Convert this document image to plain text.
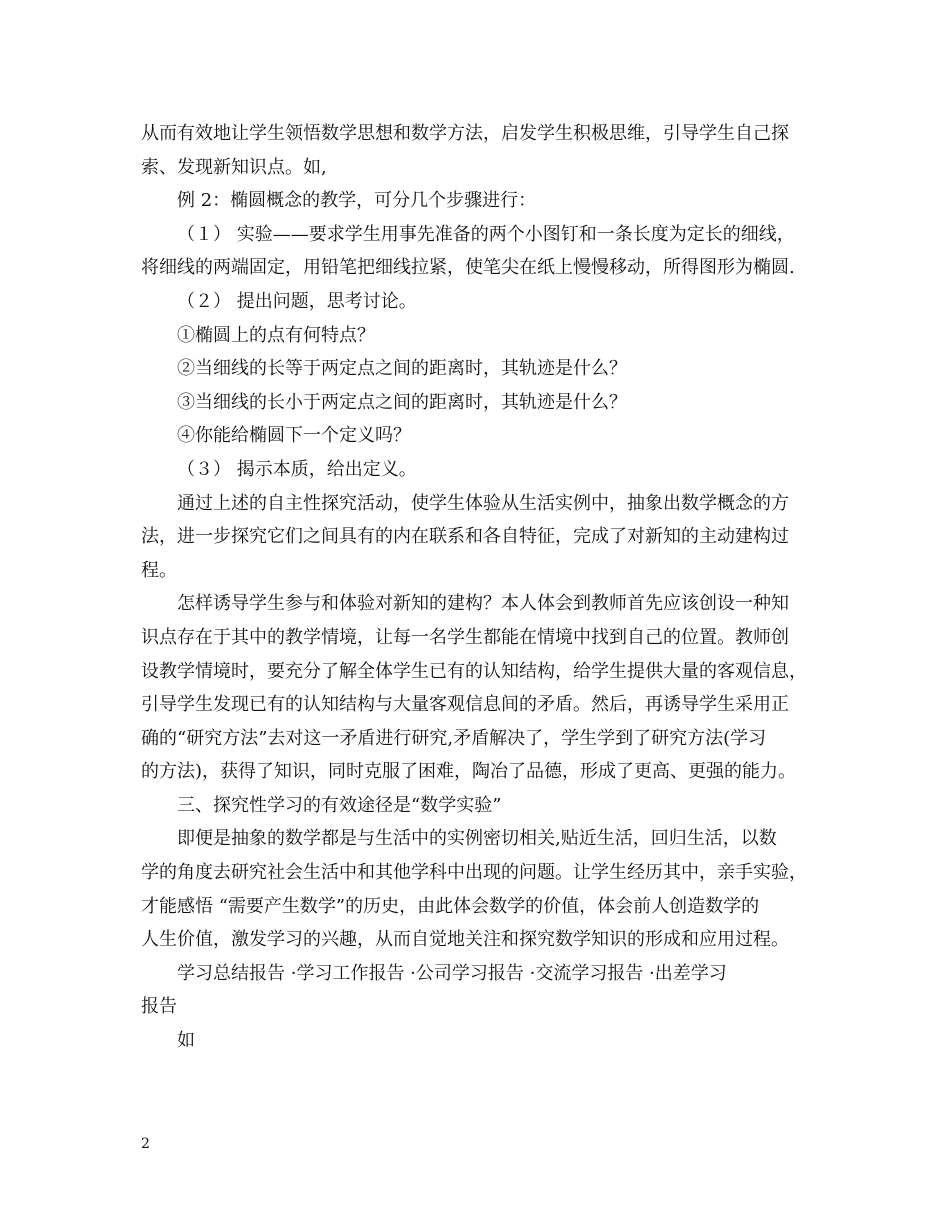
从而有效地让学生领悟数学思想和数学方法，启发学生积极思维，引导学生自己探
索、发现新知识点。如,
例 2：椭圆概念的教学，可分几个步骤进行：
（１） 实验——要求学生用事先准备的两个小图钉和一条长度为定长的细线，
将细线的两端固定，用铅笔把细线拉紧，使笔尖在纸上慢慢移动，所得图形为椭圆.
（２） 提出问题，思考讨论。
①椭圆上的点有何特点？
②当细线的长等于两定点之间的距离时，其轨迹是什么？
③当细线的长小于两定点之间的距离时，其轨迹是什么？
④你能给椭圆下一个定义吗？
（３） 揭示本质，给出定义。
通过上述的自主性探究活动，使学生体验从生活实例中，抽象出数学概念的方
法，进一步探究它们之间具有的内在联系和各自特征，完成了对新知的主动建构过
程。
怎样诱导学生参与和体验对新知的建构？本人体会到教师首先应该创设一种知
识点存在于其中的教学情境，让每一名学生都能在情境中找到自己的位置。教师创
设教学情境时，要充分了解全体学生已有的认知结构，给学生提供大量的客观信息，
引导学生发现已有的认知结构与大量客观信息间的矛盾。然后，再诱导学生采用正
确的“研究方法”去对这一矛盾进行研究,矛盾解决了，学生学到了研究方法(学习
的方法)，获得了知识，同时克服了困难，陶冶了品德，形成了更高、更强的能力。
三、探究性学习的有效途径是“数学实验”
即便是抽象的数学都是与生活中的实例密切相关,贴近生活，回归生活，以数
学的角度去研究社会生活中和其他学科中出现的问题。让学生经历其中，亲手实验，
才能感悟 “需要产生数学”的历史，由此体会数学的价值，体会前人创造数学的
人生价值，激发学习的兴趣，从而自觉地关注和探究数学知识的形成和应用过程。
学习总结报告 ·学习工作报告 ·公司学习报告 ·交流学习报告 ·出差学习
报告
如
2
